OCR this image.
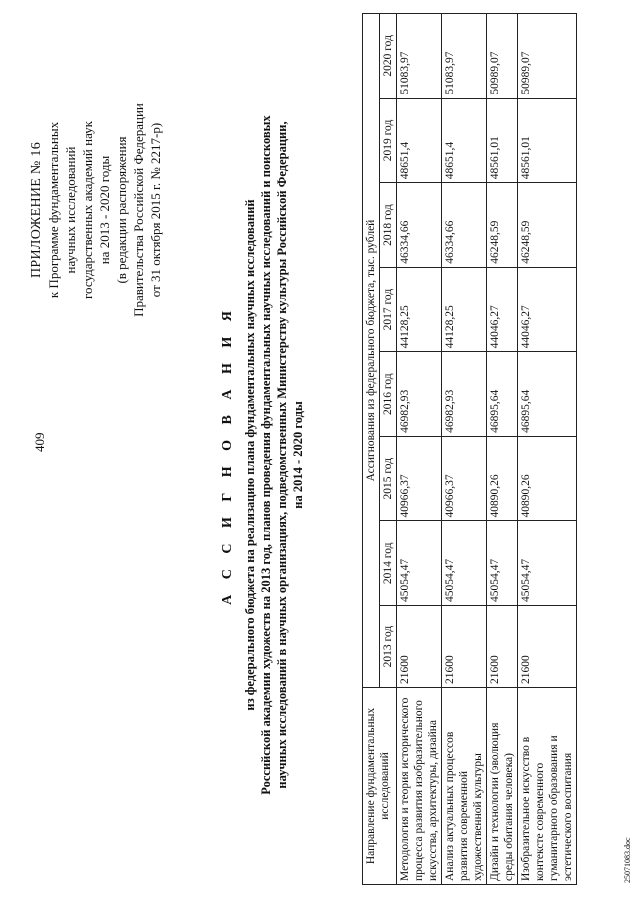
409
ПРИЛОЖЕНИЕ № 16 к Программе фундаментальных научных исследований государственных академий наук на 2013 - 2020 годы (в редакции распоряжения Правительства Российской Федерации от 31 октября 2015 г. № 2217-р)
А С С И Г Н О В А Н И Я из федерального бюджета на реализацию плана фундаментальных научных исследований Российской академии художеств на 2013 год, планов проведения фундаментальных научных исследований и поисковых научных исследований в научных организациях, подведомственных Министерству культуры Российской Федерации, на 2014 - 2020 годы
Направление фундаментальных исследований	Ассигнования из федерального бюджета, тыс. рублей							
	2013 год	2014 год	2015 год	2016 год	2017 год	2018 год	2019 год	2020 год
Методология и теория исторического процесса развития изобразительного искусства, архитектуры, дизайна	21600	45054,47	40966,37	46982,93	44128,25	46334,66	48651,4	51083,97
Анализ актуальных процессов развития современной художественной культуры	21600	45054,47	40966,37	46982,93	44128,25	46334,66	48651,4	51083,97
Дизайн и технологии (эволюция среды обитания человека)	21600	45054,47	40890,26	46895,64	44046,27	46248,59	48561,01	50989,07
Изобразительное искусство в контексте современного гуманитарного образования и эстетического воспитания	21600	45054,47	40890,26	46895,64	44046,27	46248,59	48561,01	50989,07
25071083.doc
